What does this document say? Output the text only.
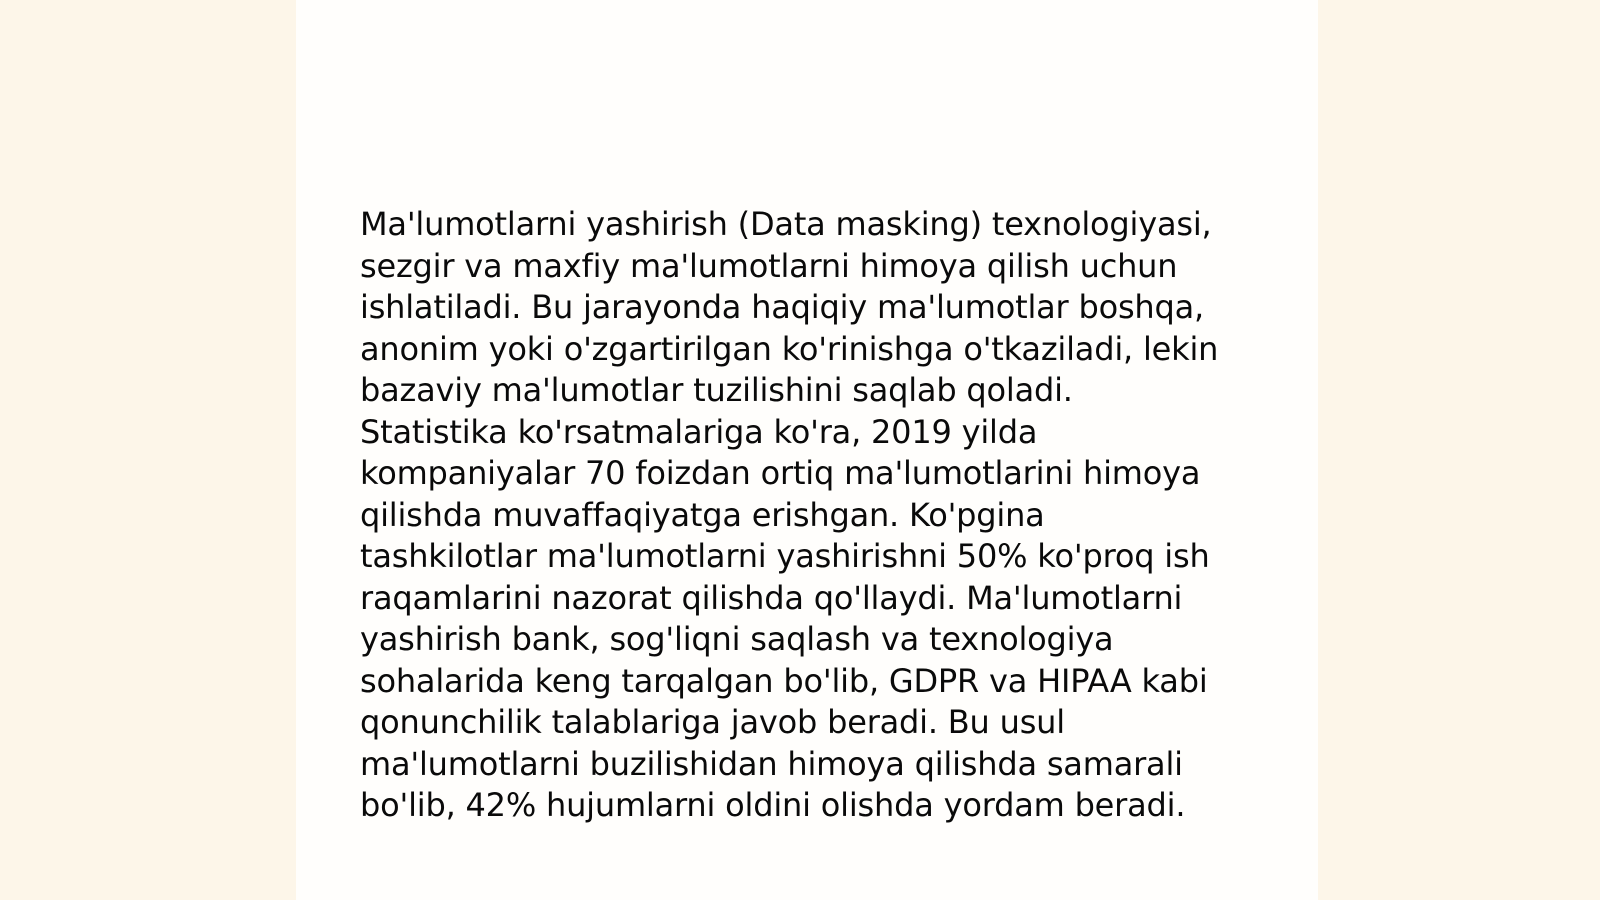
Ma'lumotlarni yashirish (Data masking) texnologiyasi,
sezgir va maxfiy ma'lumotlarni himoya qilish uchun
ishlatiladi. Bu jarayonda haqiqiy ma'lumotlar boshqa,
anonim yoki o'zgartirilgan ko'rinishga o'tkaziladi, lekin
bazaviy ma'lumotlar tuzilishini saqlab qoladi.
Statistika ko'rsatmalariga ko'ra, 2019 yilda
kompaniyalar 70 foizdan ortiq ma'lumotlarini himoya
qilishda muvaffaqiyatga erishgan. Ko'pgina
tashkilotlar ma'lumotlarni yashirishni 50% ko'proq ish
raqamlarini nazorat qilishda qo'llaydi. Ma'lumotlarni
yashirish bank, sog'liqni saqlash va texnologiya
sohalarida keng tarqalgan bo'lib, GDPR va HIPAA kabi
qonunchilik talablariga javob beradi. Bu usul
ma'lumotlarni buzilishidan himoya qilishda samarali
bo'lib, 42% hujumlarni oldini olishda yordam beradi.
